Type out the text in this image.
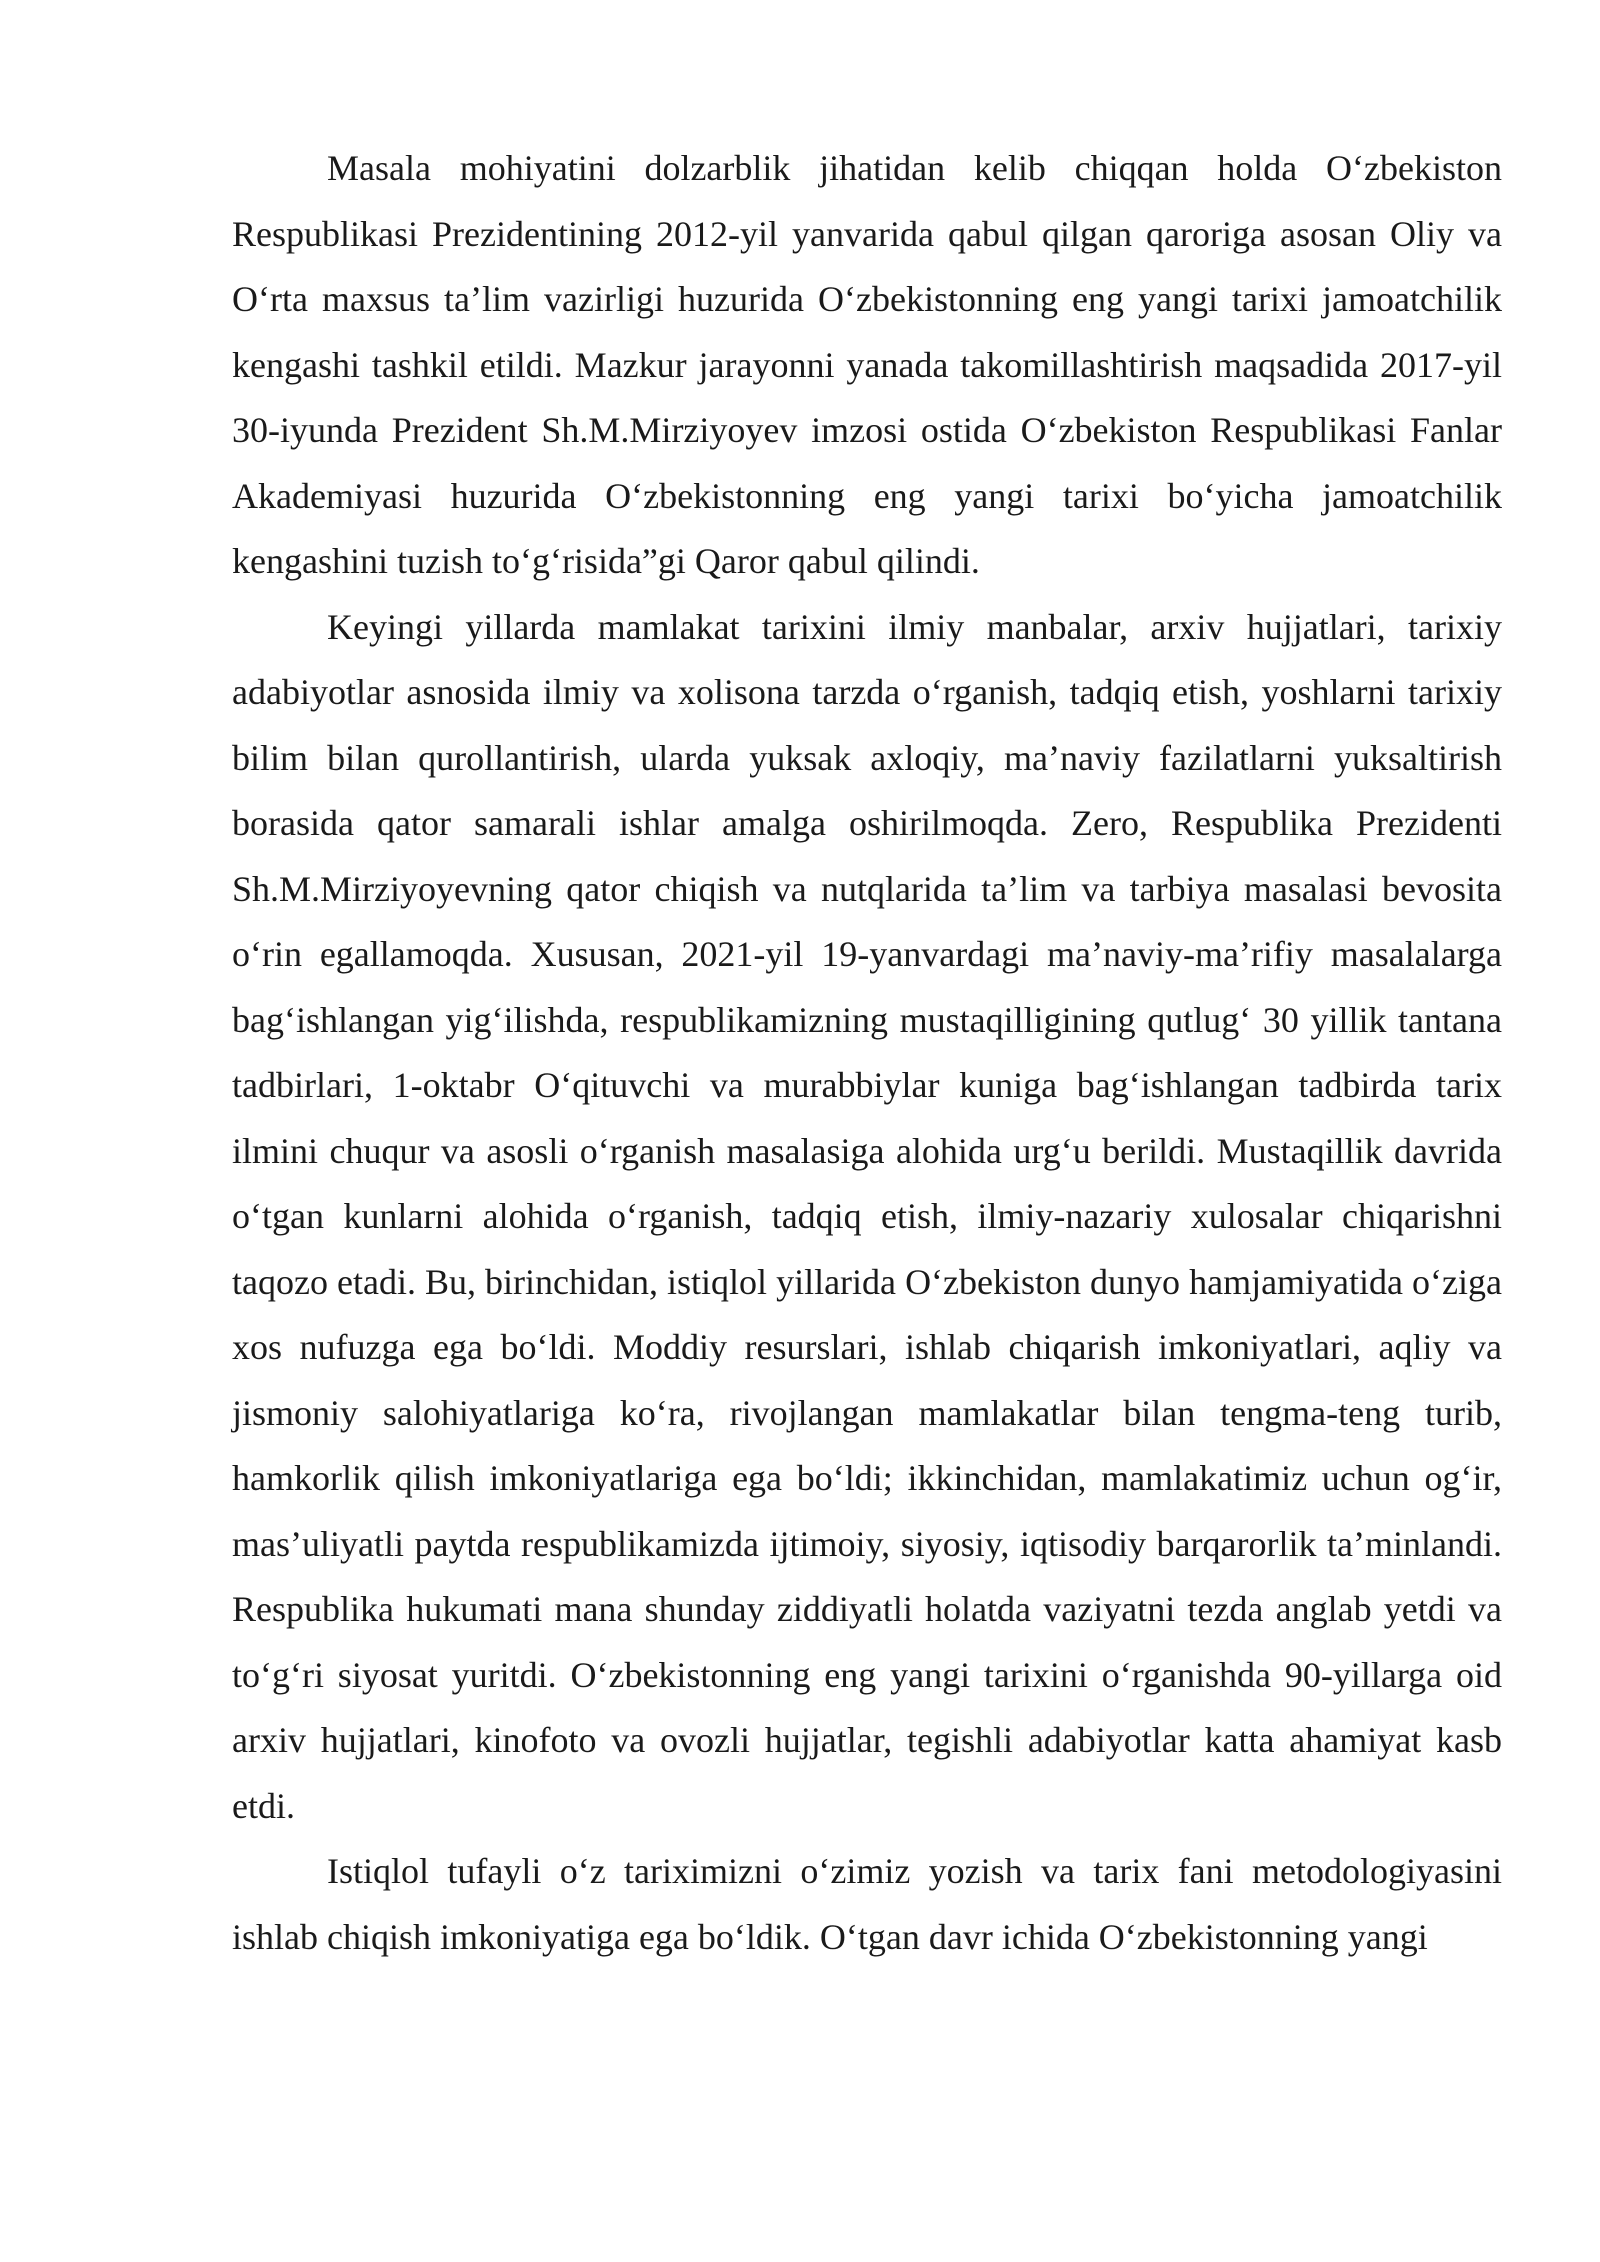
Masala mohiyatini dolzarblik jihatidan kelib chiqqan holda O‘zbekiston Respublikasi Prezidentining 2012-yil yanvarida qabul qilgan qaroriga asosan Oliy va O‘rta maxsus ta’lim vazirligi huzurida O‘zbekistonning eng yangi tarixi jamoatchilik kengashi tashkil etildi. Mazkur jarayonni yanada takomillashtirish maqsadida 2017-yil 30-iyunda Prezident Sh.M.Mirziyoyev imzosi ostida O‘zbekiston Respublikasi Fanlar Akademiyasi huzurida O‘zbekistonning eng yangi tarixi bo‘yicha jamoatchilik kengashini tuzish to‘g‘risida”gi Qaror qabul qilindi.

Keyingi yillarda mamlakat tarixini ilmiy manbalar, arxiv hujjatlari, tarixiy adabiyotlar asnosida ilmiy va xolisona tarzda o‘rganish, tadqiq etish, yoshlarni tarixiy bilim bilan qurollantirish, ularda yuksak axloqiy, ma’naviy fazilatlarni yuksaltirish borasida qator samarali ishlar amalga oshirilmoqda. Zero, Respublika Prezidenti Sh.M.Mirziyoyevning qator chiqish va nutqlarida ta’lim va tarbiya masalasi bevosita o‘rin egallamoqda. Xususan, 2021-yil 19-yanvardagi ma’naviy-ma’rifiy masalalarga bag‘ishlangan yig‘ilishda, respublikamizning mustaqilligining qutlug‘ 30 yillik tantana tadbirlari, 1-oktabr O‘qituvchi va murabbiylar kuniga bag‘ishlangan tadbirda tarix ilmini chuqur va asosli o‘rganish masalasiga alohida urg‘u berildi. Mustaqillik davrida o‘tgan kunlarni alohida o‘rganish, tadqiq etish, ilmiy-nazariy xulosalar chiqarishni taqozo etadi. Bu, birinchidan, istiqlol yillarida O‘zbekiston dunyo hamjamiyatida o‘ziga xos nufuzga ega bo‘ldi. Moddiy resurslari, ishlab chiqarish imkoniyatlari, aqliy va jismoniy salohiyatlariga ko‘ra, rivojlangan mamlakatlar bilan tengma-teng turib, hamkorlik qilish imkoniyatlariga ega bo‘ldi; ikkinchidan, mamlakatimiz uchun og‘ir, mas’uliyatli paytda respublikamizda ijtimoiy, siyosiy, iqtisodiy barqarorlik ta’minlandi. Respublika hukumati mana shunday ziddiyatli holatda vaziyatni tezda anglab yetdi va to‘g‘ri siyosat yuritdi. O‘zbekistonning eng yangi tarixini o‘rganishda 90-yillarga oid arxiv hujjatlari, kinofoto va ovozli hujjatlar, tegishli adabiyotlar katta ahamiyat kasb etdi.

Istiqlol tufayli o‘z tariximizni o‘zimiz yozish va tarix fani metodologiyasini ishlab chiqish imkoniyatiga ega bo‘ldik. O‘tgan davr ichida O‘zbekistonning yangi
